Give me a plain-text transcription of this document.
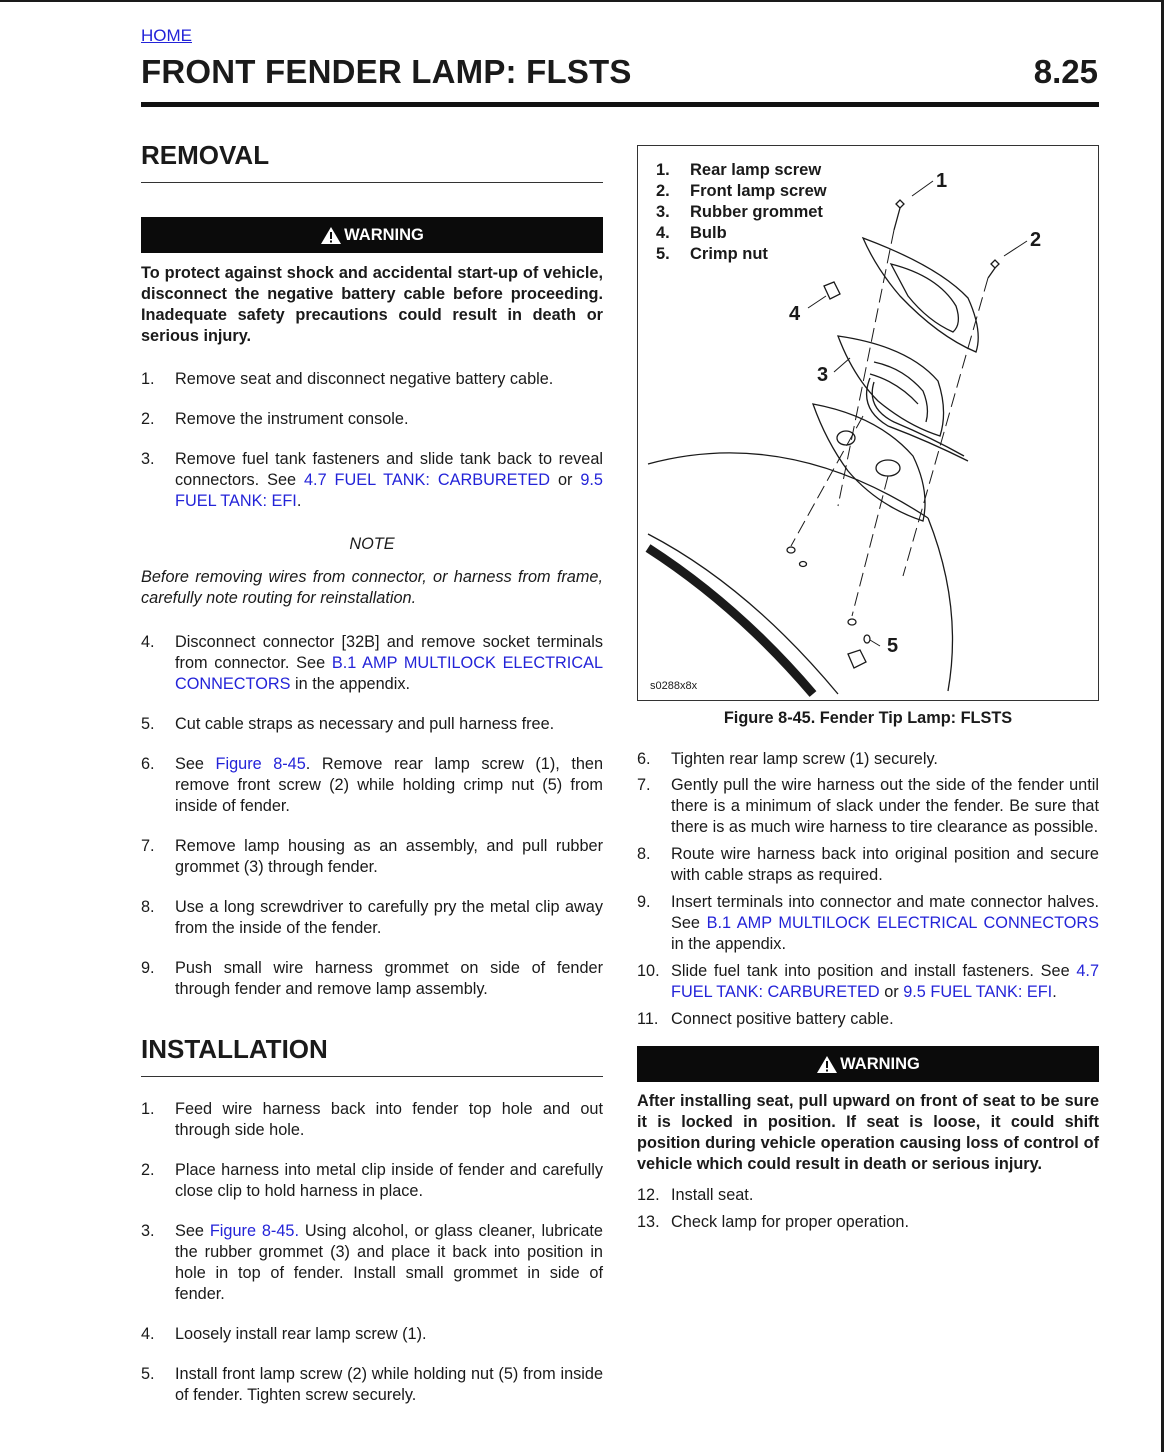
HOME
FRONT FENDER LAMP: FLSTS	8.25
REMOVAL
WARNING
To protect against shock and accidental start-up of vehicle, disconnect the negative battery cable before proceeding. Inadequate safety precautions could result in death or serious injury.
1.	Remove seat and disconnect negative battery cable.
2.	Remove the instrument console.
3.	Remove fuel tank fasteners and slide tank back to reveal connectors. See 4.7 FUEL TANK: CARBURETED or 9.5 FUEL TANK: EFI.
NOTE
Before removing wires from connector, or harness from frame, carefully note routing for reinstallation.
4.	Disconnect connector [32B] and remove socket terminals from connector. See B.1 AMP MULTILOCK ELECTRICAL CONNECTORS in the appendix.
5.	Cut cable straps as necessary and pull harness free.
6.	See Figure 8-45. Remove rear lamp screw (1), then remove front screw (2) while holding crimp nut (5) from inside of fender.
7.	Remove lamp housing as an assembly, and pull rubber grommet (3) through fender.
8.	Use a long screwdriver to carefully pry the metal clip away from the inside of the fender.
9.	Push small wire harness grommet on side of fender through fender and remove lamp assembly.
INSTALLATION
1.	Feed wire harness back into fender top hole and out through side hole.
2.	Place harness into metal clip inside of fender and carefully close clip to hold harness in place.
3.	See Figure 8-45. Using alcohol, or glass cleaner, lubricate the rubber grommet (3) and place it back into position in hole in top of fender. Install small grommet in side of fender.
4.	Loosely install rear lamp screw (1).
5.	Install front lamp screw (2) while holding nut (5) from inside of fender. Tighten screw securely.
1.	Rear lamp screw
2.	Front lamp screw
3.	Rubber grommet
4.	Bulb
5.	Crimp nut
1
2
3
4
5
s0288x8x
Figure 8-45. Fender Tip Lamp: FLSTS
6.	Tighten rear lamp screw (1) securely.
7.	Gently pull the wire harness out the side of the fender until there is a minimum of slack under the fender. Be sure that there is as much wire harness to tire clearance as possible.
8.	Route wire harness back into original position and secure with cable straps as required.
9.	Insert terminals into connector and mate connector halves. See B.1 AMP MULTILOCK ELECTRICAL CONNECTORS in the appendix.
10. Slide fuel tank into position and install fasteners. See 4.7 FUEL TANK: CARBURETED or 9.5 FUEL TANK: EFI.
11. Connect positive battery cable.
WARNING
After installing seat, pull upward on front of seat to be sure it is locked in position. If seat is loose, it could shift position during vehicle operation causing loss of control of vehicle which could result in death or serious injury.
12. Install seat.
13. Check lamp for proper operation.
